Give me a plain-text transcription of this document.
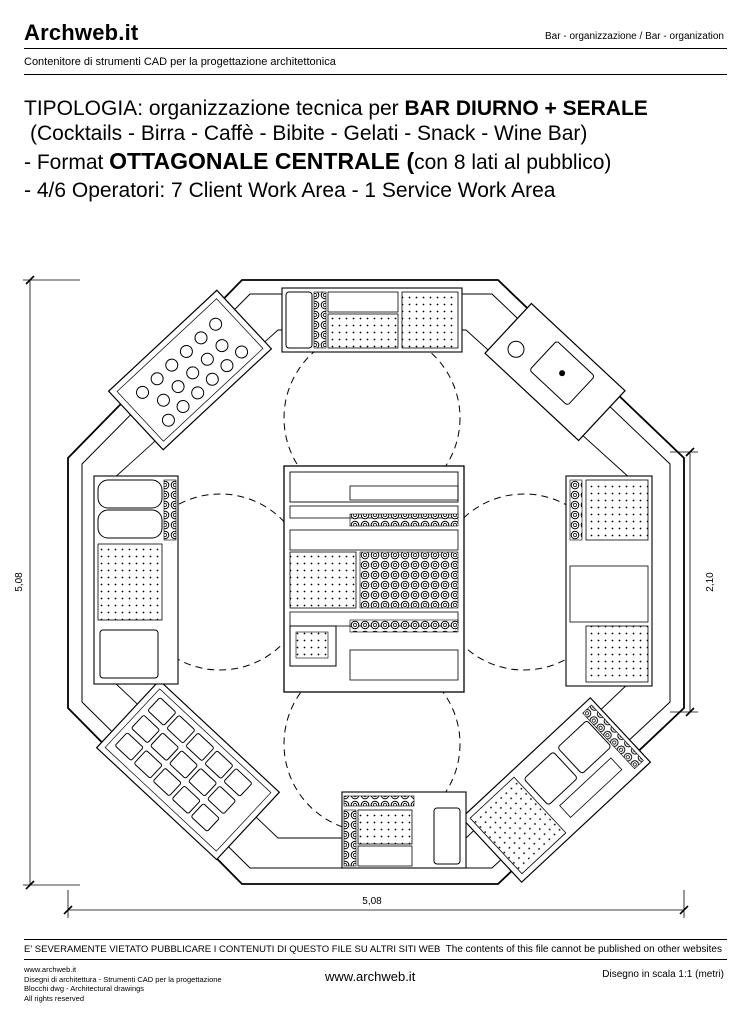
Archweb.it	Bar - organizzazione / Bar - organization
Contenitore di strumenti CAD per la progettazione architettonica
TIPOLOGIA: organizzazione tecnica per BAR DIURNO + SERALE
(Cocktails - Birra - Caffè - Bibite - Gelati - Snack - Wine Bar)
- Format OTTAGONALE CENTRALE (con 8 lati al pubblico)
- 4/6 Operatori: 7 Client Work Area - 1 Service Work Area
5,08
5,08
2,10
E' SEVERAMENTE VIETATO PUBBLICARE I CONTENUTI DI QUESTO FILE SU ALTRI SITI WEB The contents of this file cannot be published on other websites
www.archweb.it
Disegni di architettura - Strumenti CAD per la progettazione
Blocchi dwg - Architectural drawings
All rights reserved
www.archweb.it	Disegno in scala 1:1 (metri)
